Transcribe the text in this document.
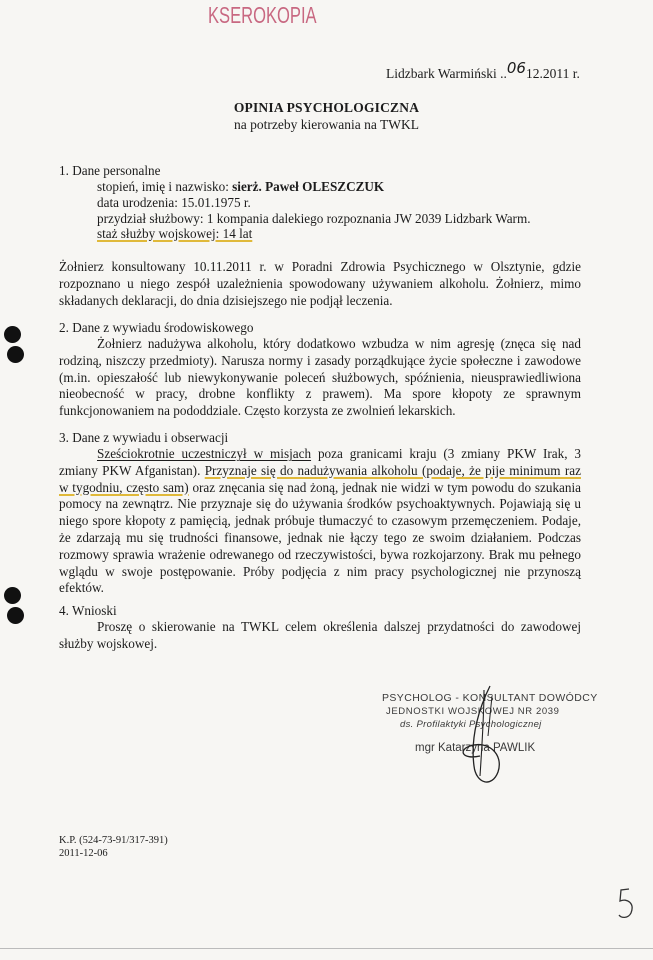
KSEROKOPIA
Lidzbark Warmiński ..0612.2011 r.
OPINIA PSYCHOLOGICZNA
na potrzeby kierowania na TWKL
1. Dane personalne
stopień, imię i nazwisko: sierż. Paweł OLESZCZUK
data urodzenia: 15.01.1975 r.
przydział służbowy: 1 kompania dalekiego rozpoznania JW 2039 Lidzbark Warm.
staż służby wojskowej: 14 lat
Żołnierz konsultowany 10.11.2011 r. w Poradni Zdrowia Psychicznego w Olsztynie, gdzie rozpoznano u niego zespół uzależnienia spowodowany używaniem alkoholu. Żołnierz, mimo składanych deklaracji, do dnia dzisiejszego nie podjął leczenia.
2. Dane z wywiadu środowiskowego
Żołnierz nadużywa alkoholu, który dodatkowo wzbudza w nim agresję (znęca się nad rodziną, niszczy przedmioty). Narusza normy i zasady porządkujące życie społeczne i zawodowe (m.in. opieszałość lub niewykonywanie poleceń służbowych, spóźnienia, nieusprawiedliwiona nieobecność w pracy, drobne konflikty z prawem). Ma spore kłopoty ze sprawnym funkcjonowaniem na pododdziale. Często korzysta ze zwolnień lekarskich.
3. Dane z wywiadu i obserwacji
Sześciokrotnie uczestniczył w misjach poza granicami kraju (3 zmiany PKW Irak, 3 zmiany PKW Afganistan). Przyznaje się do nadużywania alkoholu (podaje, że pije minimum raz w tygodniu, często sam) oraz znęcania się nad żoną, jednak nie widzi w tym powodu do szukania pomocy na zewnątrz. Nie przyznaje się do używania środków psychoaktywnych. Pojawiają się u niego spore kłopoty z pamięcią, jednak próbuje tłumaczyć to czasowym przemęczeniem. Podaje, że zdarzają mu się trudności finansowe, jednak nie łączy tego ze swoim działaniem. Podczas rozmowy sprawia wrażenie odrewanego od rzeczywistości, bywa rozkojarzony. Brak mu pełnego wglądu w swoje postępowanie. Próby podjęcia z nim pracy psychologicznej nie przynoszą efektów.
4. Wnioski
Proszę o skierowanie na TWKL celem określenia dalszej przydatności do zawodowej służby wojskowej.
PSYCHOLOG - KONSULTANT DOWÓDCY
JEDNOSTKI WOJSKOWEJ NR 2039
ds. Profilaktyki Psychologicznej
mgr Katarzyna PAWLIK
K.P. (524-73-91/317-391)
2011-12-06
